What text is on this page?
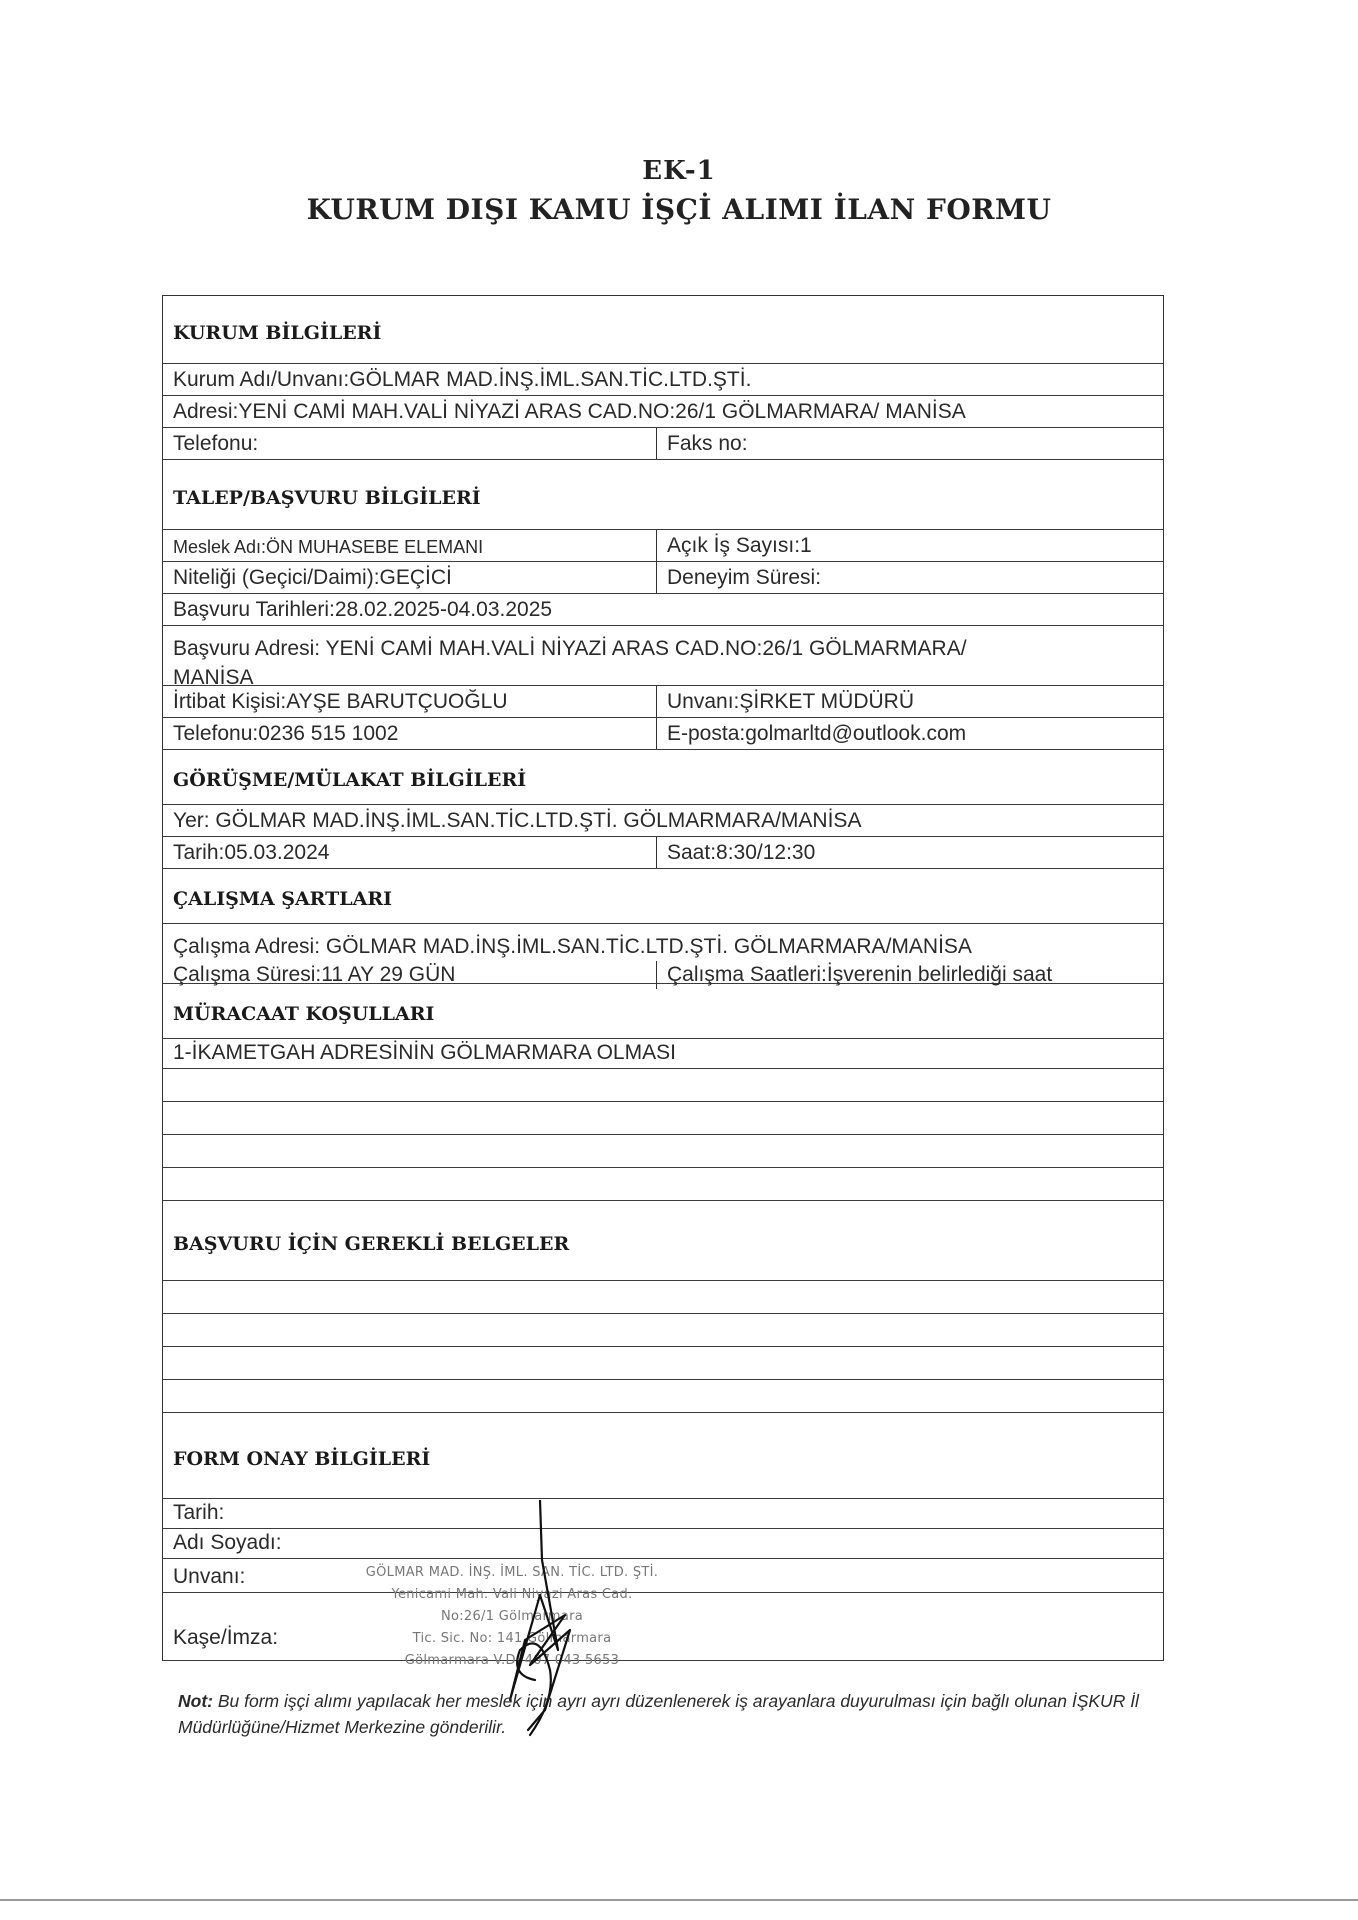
EK-1
KURUM DIŞI KAMU İŞÇİ ALIMI İLAN FORMU
KURUM BİLGİLERİ
Kurum Adı/Unvanı:GÖLMAR MAD.İNŞ.İML.SAN.TİC.LTD.ŞTİ.
Adresi:YENİ CAMİ MAH.VALİ NİYAZİ ARAS CAD.NO:26/1 GÖLMARMARA/ MANİSA
Telefonu:	Faks no:
TALEP/BAŞVURU BİLGİLERİ
Meslek Adı:ÖN MUHASEBE ELEMANI	Açık İş Sayısı:1
Niteliği (Geçici/Daimi):GEÇİCİ	Deneyim Süresi:
Başvuru Tarihleri:28.02.2025-04.03.2025
Başvuru Adresi: YENİ CAMİ MAH.VALİ NİYAZİ ARAS CAD.NO:26/1 GÖLMARMARA/
MANİSA
İrtibat Kişisi:AYŞE BARUTÇUOĞLU	Unvanı:ŞİRKET MÜDÜRÜ
Telefonu:0236 515 1002	E-posta:golmarltd@outlook.com
GÖRÜŞME/MÜLAKAT BİLGİLERİ
Yer: GÖLMAR MAD.İNŞ.İML.SAN.TİC.LTD.ŞTİ. GÖLMARMARA/MANİSA
Tarih:05.03.2024	Saat:8:30/12:30
ÇALIŞMA ŞARTLARI
Çalışma Adresi: GÖLMAR MAD.İNŞ.İML.SAN.TİC.LTD.ŞTİ. GÖLMARMARA/MANİSA
Çalışma Süresi:11 AY 29 GÜN	Çalışma Saatleri:İşverenin belirlediği saat
MÜRACAAT KOŞULLARI
1-İKAMETGAH ADRESİNİN GÖLMARMARA OLMASI
BAŞVURU İÇİN GEREKLİ BELGELER
FORM ONAY BİLGİLERİ
Tarih:
Adı Soyadı:
Unvanı:
Kaşe/İmza:
GÖLMAR MAD. İNŞ. İML. SAN. TİC. LTD. ŞTİ.
Yenicami Mah. Vali Niyazi Aras Cad.
No:26/1 Gölmarmara
Tic. Sic. No: 141 Gölmarmara
Gölmarmara V.D. 407 043 5653
Not: Bu form işçi alımı yapılacak her meslek için ayrı ayrı düzenlenerek iş arayanlara duyurulması için bağlı olunan İŞKUR İl Müdürlüğüne/Hizmet Merkezine gönderilir.
